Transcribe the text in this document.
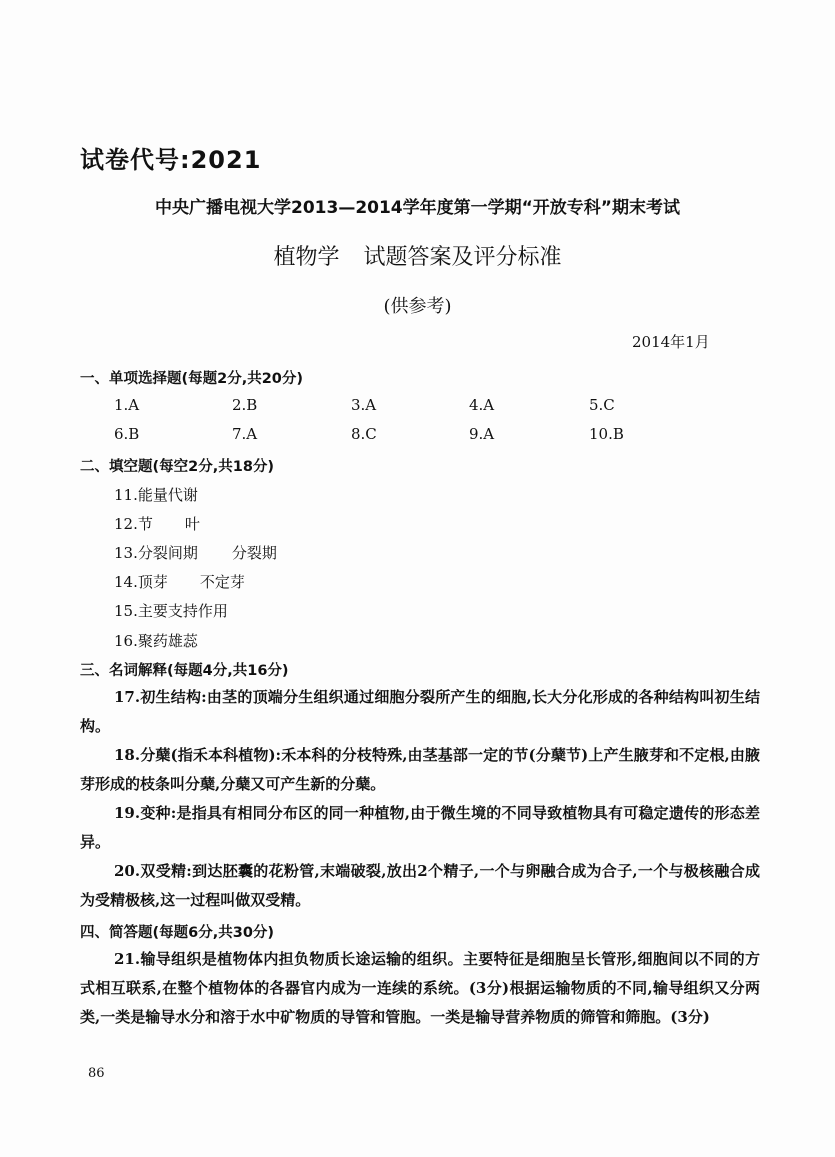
试卷代号:2021
中央广播电视大学2013—2014学年度第一学期“开放专科”期末考试
植物学 试题答案及评分标准
(供参考)
2014年1月
一、单项选择题(每题2分,共20分)
1.A	2.B	3.A	4.A	5.C
6.B	7.A	8.C	9.A	10.B
二、填空题(每空2分,共18分)
11.能量代谢
12.节 叶
13.分裂间期 分裂期
14.顶芽 不定芽
15.主要支持作用
16.聚药雄蕊
三、名词解释(每题4分,共16分)

17.初生结构:由茎的顶端分生组织通过细胞分裂所产生的细胞,长大分化形成的各种结构叫初生结构。

18.分蘖(指禾本科植物):禾本科的分枝特殊,由茎基部一定的节(分蘖节)上产生腋芽和不定根,由腋芽形成的枝条叫分蘖,分蘖又可产生新的分蘖。

19.变种:是指具有相同分布区的同一种植物,由于微生境的不同导致植物具有可稳定遗传的形态差异。

20.双受精:到达胚囊的花粉管,末端破裂,放出2个精子,一个与卵融合成为合子,一个与极核融合成为受精极核,这一过程叫做双受精。

四、简答题(每题6分,共30分)

21.输导组织是植物体内担负物质长途运输的组织。主要特征是细胞呈长管形,细胞间以不同的方式相互联系,在整个植物体的各器官内成为一连续的系统。(3分)根据运输物质的不同,输导组织又分两类,一类是输导水分和溶于水中矿物质的导管和管胞。一类是输导营养物质的筛管和筛胞。(3分)

86
